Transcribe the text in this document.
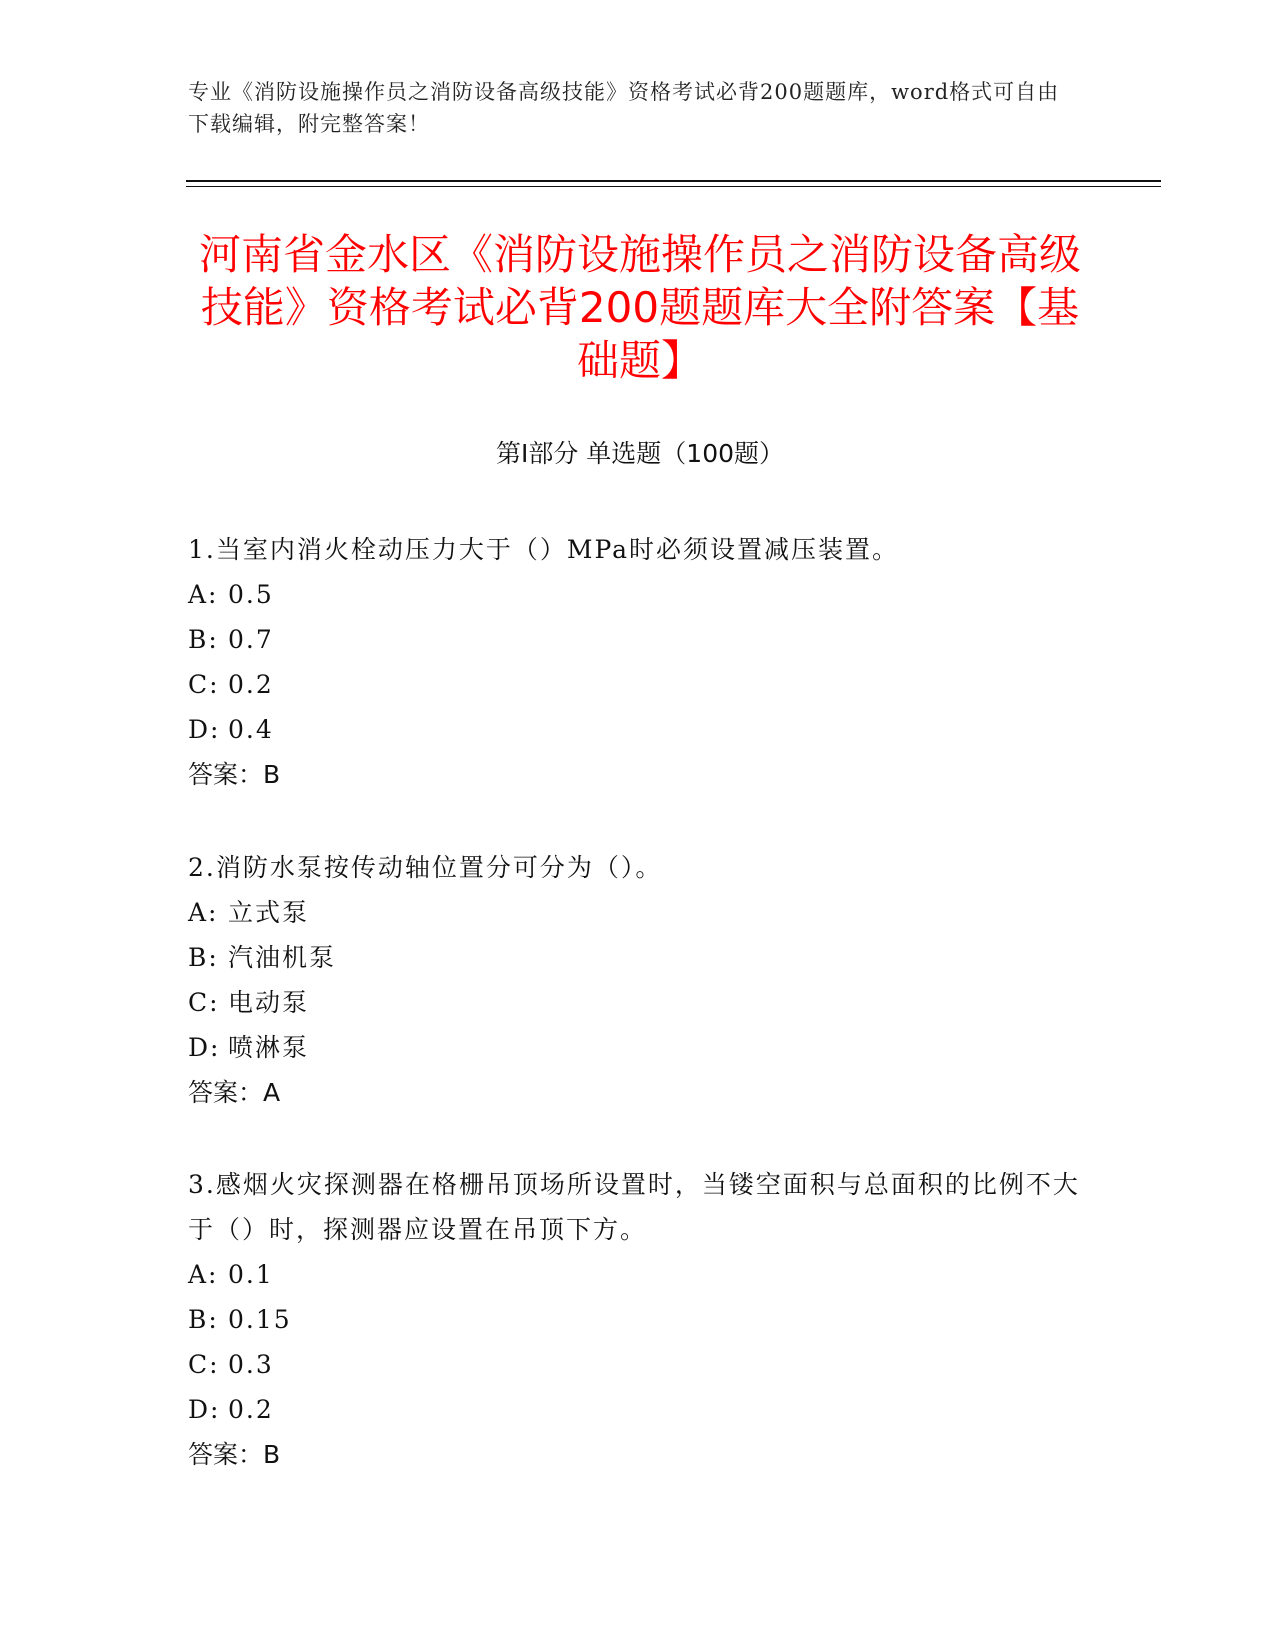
专业《消防设施操作员之消防设备高级技能》资格考试必背200题题库，word格式可自由下载编辑，附完整答案！
河南省金水区《消防设施操作员之消防设备高级技能》资格考试必背200题题库大全附答案【基础题】
第I部分 单选题（100题）

1.当室内消火栓动压力大于（）MPa时必须设置减压装置。

A: 0.5
B: 0.7
C: 0.2
D: 0.4
答案：B

2.消防水泵按传动轴位置分可分为（）。

A: 立式泵
B: 汽油机泵
C: 电动泵
D: 喷淋泵
答案：A

3.感烟火灾探测器在格栅吊顶场所设置时，当镂空面积与总面积的比例不大于（）时，探测器应设置在吊顶下方。

A: 0.1
B: 0.15
C: 0.3
D: 0.2
答案：B
